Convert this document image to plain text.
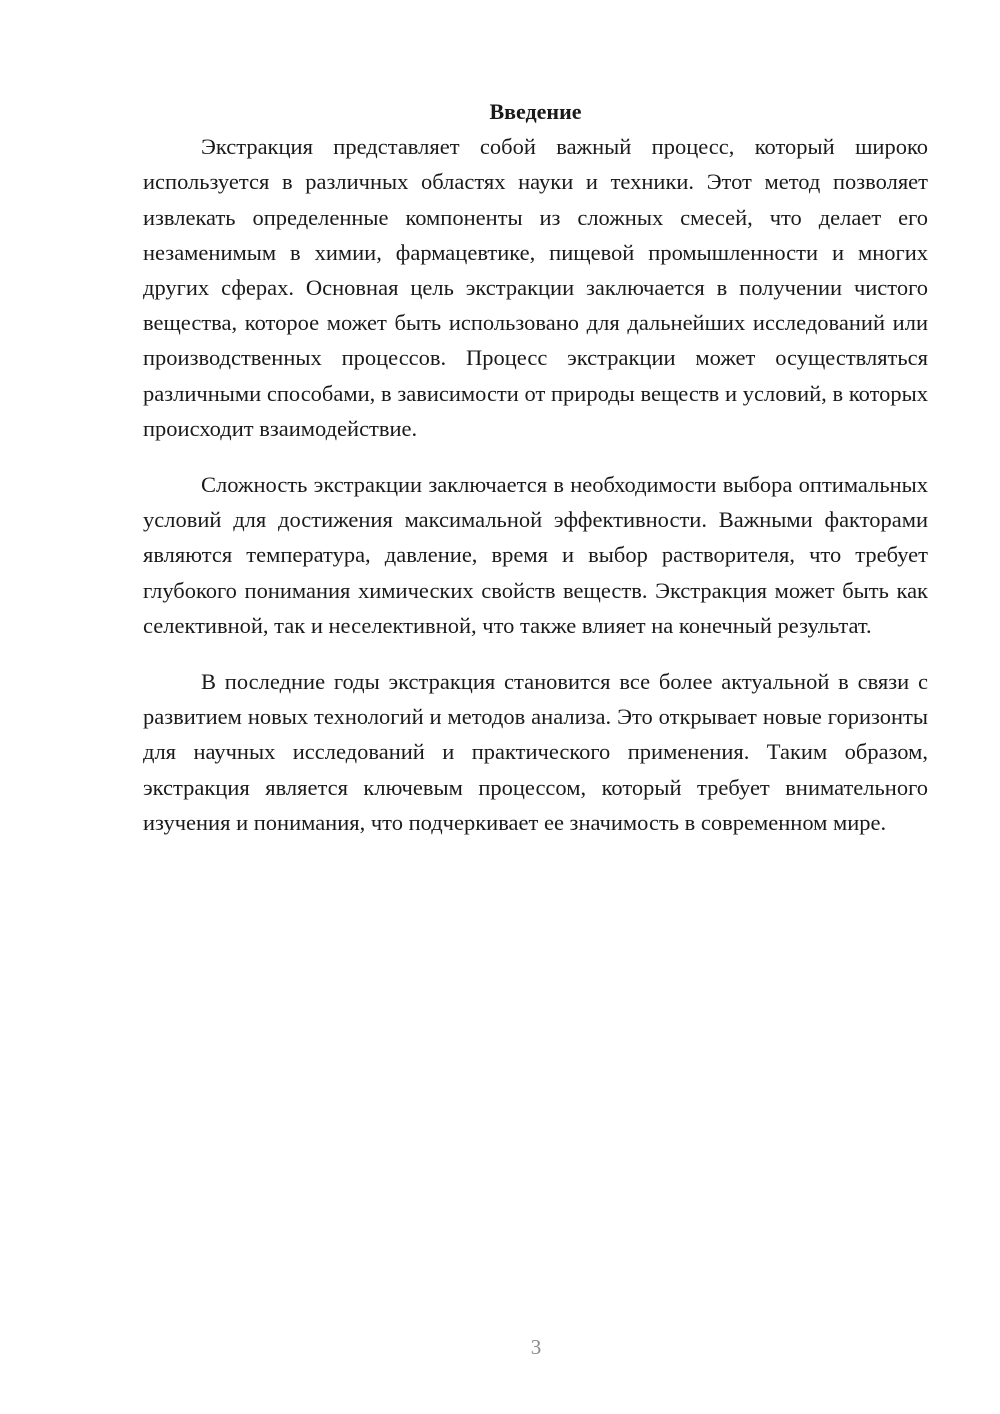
Введение

Экстракция представляет собой важный процесс, который широко используется в различных областях науки и техники. Этот метод позволяет извлекать определенные компоненты из сложных смесей, что делает его незаменимым в химии, фармацевтике, пищевой промышленности и многих других сферах. Основная цель экстракции заключается в получении чистого вещества, которое может быть использовано для дальнейших исследований или производственных процессов. Процесс экстракции может осуществляться различными способами, в зависимости от природы веществ и условий, в которых происходит взаимодействие.

Сложность экстракции заключается в необходимости выбора оптимальных условий для достижения максимальной эффективности. Важными факторами являются температура, давление, время и выбор растворителя, что требует глубокого понимания химических свойств веществ. Экстракция может быть как селективной, так и неселективной, что также влияет на конечный результат.

В последние годы экстракция становится все более актуальной в связи с развитием новых технологий и методов анализа. Это открывает новые горизонты для научных исследований и практического применения. Таким образом, экстракция является ключевым процессом, который требует внимательного изучения и понимания, что подчеркивает ее значимость в современном мире.

3
